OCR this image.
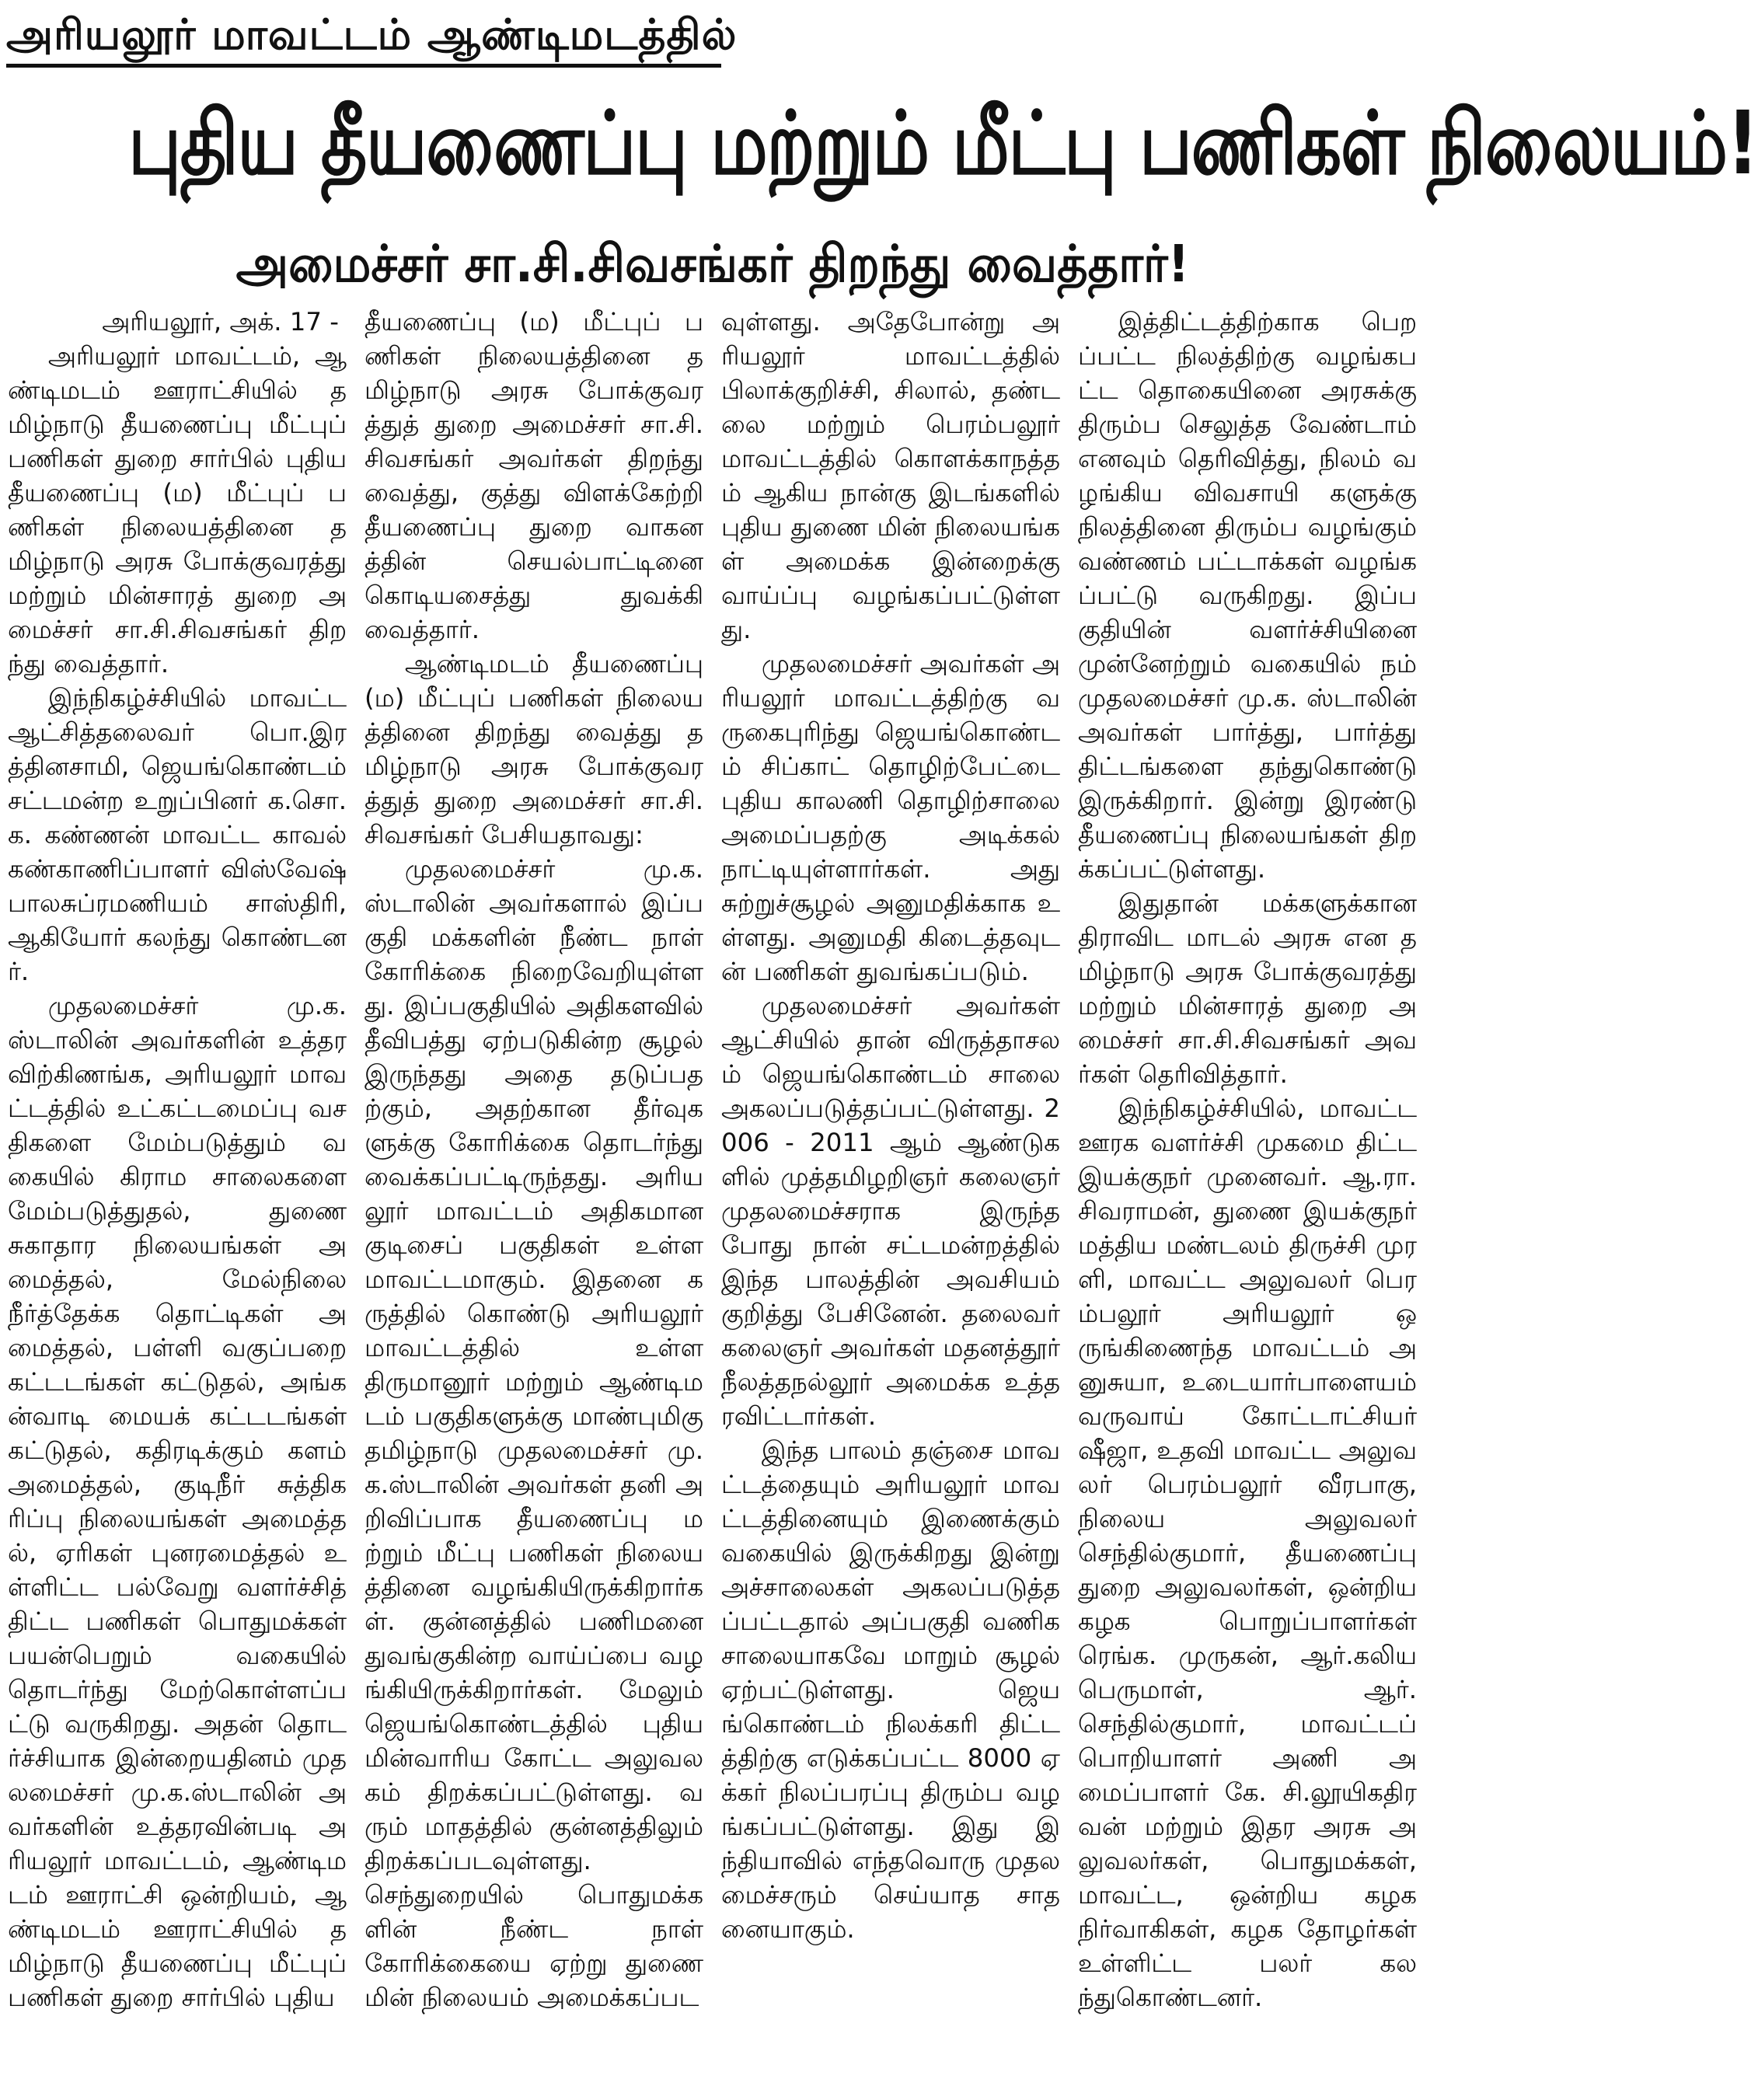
அரியலூர் மாவட்டம் ஆண்டிமடத்தில்
புதிய தீயணைப்பு மற்றும் மீட்பு பணிகள் நிலையம்!
அமைச்சர் சா.சி.சிவசங்கர் திறந்து வைத்தார்!

அரியலூர், அக். 17 -

அரியலூர் மாவட்டம், ஆண்டிமடம் ஊராட்சியில் தமிழ்நாடு தீயணைப்பு மீட்புப் பணிகள் துறை சார்பில் புதிய தீயணைப்பு (ம) மீட்புப் பணிகள் நிலையத்தினை தமிழ்நாடு அரசு போக்குவரத்து மற்றும் மின்சாரத் துறை அமைச்சர் சா.சி.சிவசங்கர் திறந்து வைத்தார்.

இந்நிகழ்ச்சியில் மாவட்ட ஆட்சித்தலைவர் பொ.இரத்தினசாமி, ஜெயங்கொண்டம் சட்டமன்ற உறுப்பினர் க.சொ.க. கண்ணன் மாவட்ட காவல் கண்காணிப்பாளர் விஸ்வேஷ் பாலசுப்ரமணியம் சாஸ்திரி, ஆகியோர் கலந்து கொண்டனர்.

முதலமைச்சர் மு.க. ஸ்டாலின் அவர்களின் உத்தரவிற்கிணங்க, அரியலூர் மாவட்டத்தில் உட்கட்டமைப்பு வசதிகளை மேம்படுத்தும் வகையில் கிராம சாலைகளை மேம்படுத்துதல், துணை சுகாதார நிலையங்கள் அமைத்தல், மேல்நிலை நீர்த்தேக்க தொட்டிகள் அமைத்தல், பள்ளி வகுப்பறை கட்டடங்கள் கட்டுதல், அங்கன்வாடி மையக் கட்டடங்கள் கட்டுதல், கதிரடிக்கும் களம் அமைத்தல், குடிநீர் சுத்திகரிப்பு நிலையங்கள் அமைத்தல், ஏரிகள் புனரமைத்தல் உள்ளிட்ட பல்வேறு வளர்ச்சித் திட்ட பணிகள் பொதுமக்கள் பயன்பெறும் வகையில் தொடர்ந்து மேற்கொள்ளப்பட்டு வருகிறது. அதன் தொடர்ச்சியாக இன்றையதினம் முதலமைச்சர் மு.க.ஸ்டாலின் அவர்களின் உத்தரவின்படி அரியலூர் மாவட்டம், ஆண்டிமடம் ஊராட்சி ஒன்றியம், ஆண்டிமடம் ஊராட்சியில் தமிழ்நாடு தீயணைப்பு மீட்புப் பணிகள் துறை சார்பில் புதிய

தீயணைப்பு (ம) மீட்புப் பணிகள் நிலையத்தினை தமிழ்நாடு அரசு போக்குவரத்துத் துறை அமைச்சர் சா.சி.சிவசங்கர் அவர்கள் திறந்து வைத்து, குத்து விளக்கேற்றி தீயணைப்பு துறை வாகனத்தின் செயல்பாட்டினை கொடியசைத்து துவக்கி வைத்தார்.

ஆண்டிமடம் தீயணைப்பு (ம) மீட்புப் பணிகள் நிலையத்தினை திறந்து வைத்து தமிழ்நாடு அரசு போக்குவரத்துத் துறை அமைச்சர் சா.சி.சிவசங்கர் பேசியதாவது:

முதலமைச்சர் மு.க.ஸ்டாலின் அவர்களால் இப்பகுதி மக்களின் நீண்ட நாள் கோரிக்கை நிறைவேறியுள்ளது. இப்பகுதியில் அதிகளவில் தீவிபத்து ஏற்படுகின்ற சூழல் இருந்தது அதை தடுப்பதற்கும், அதற்கான தீர்வுகளுக்கு கோரிக்கை தொடர்ந்து வைக்கப்பட்டிருந்தது. அரியலூர் மாவட்டம் அதிகமான குடிசைப் பகுதிகள் உள்ள மாவட்டமாகும். இதனை கருத்தில் கொண்டு அரியலூர் மாவட்டத்தில் உள்ள திருமானூர் மற்றும் ஆண்டிமடம் பகுதிகளுக்கு மாண்புமிகு தமிழ்நாடு முதலமைச்சர் மு.க.ஸ்டாலின் அவர்கள் தனி அறிவிப்பாக தீயணைப்பு மற்றும் மீட்பு பணிகள் நிலையத்தினை வழங்கியிருக்கிறார்கள். குன்னத்தில் பணிமனை துவங்குகின்ற வாய்ப்பை வழங்கியிருக்கிறார்கள். மேலும் ஜெயங்கொண்டத்தில் புதிய மின்வாரிய கோட்ட அலுவலகம் திறக்கப்பட்டுள்ளது. வரும் மாதத்தில் குன்னத்திலும் திறக்கப்படவுள்ளது. செந்துறையில் பொதுமக்களின் நீண்ட நாள் கோரிக்கையை ஏற்று துணை மின் நிலையம் அமைக்கப்பட

வுள்ளது. அதேபோன்று அரியலூர் மாவட்டத்தில் பிலாக்குறிச்சி, சிலால், தண்டலை மற்றும் பெரம்பலூர் மாவட்டத்தில் கொளக்காநத்தம் ஆகிய நான்கு இடங்களில் புதிய துணை மின் நிலையங்கள் அமைக்க இன்றைக்கு வாய்ப்பு வழங்கப்பட்டுள்ளது.

முதலமைச்சர் அவர்கள் அரியலூர் மாவட்டத்திற்கு வருகைபுரிந்து ஜெயங்கொண்டம் சிப்காட் தொழிற்பேட்டை புதிய காலணி தொழிற்சாலை அமைப்பதற்கு அடிக்கல் நாட்டியுள்ளார்கள். அது சுற்றுச்சூழல் அனுமதிக்காக உள்ளது. அனுமதி கிடைத்தவுடன் பணிகள் துவங்கப்படும்.

முதலமைச்சர் அவர்கள் ஆட்சியில் தான் விருத்தாசலம் ஜெயங்கொண்டம் சாலை அகலப்படுத்தப்பட்டுள்ளது. 2006 - 2011 ஆம் ஆண்டுகளில் முத்தமிழறிஞர் கலைஞர் முதலமைச்சராக இருந்தபோது நான் சட்டமன்றத்தில் இந்த பாலத்தின் அவசியம் குறித்து பேசினேன். தலைவர் கலைஞர் அவர்கள் மதனத்தூர் நீலத்தநல்லூர் அமைக்க உத்தரவிட்டார்கள்.

இந்த பாலம் தஞ்சை மாவட்டத்தையும் அரியலூர் மாவட்டத்தினையும் இணைக்கும் வகையில் இருக்கிறது இன்று அச்சாலைகள் அகலப்படுத்தப்பட்டதால் அப்பகுதி வணிக சாலையாகவே மாறும் சூழல் ஏற்பட்டுள்ளது. ஜெயங்கொண்டம் நிலக்கரி திட்டத்திற்கு எடுக்கப்பட்ட 8000 ஏக்கர் நிலப்பரப்பு திரும்ப வழங்கப்பட்டுள்ளது. இது இந்தியாவில் எந்தவொரு முதலமைச்சரும் செய்யாத சாதனையாகும்.

இத்திட்டத்திற்காக பெறப்பட்ட நிலத்திற்கு வழங்கபட்ட தொகையினை அரசுக்கு திரும்ப செலுத்த வேண்டாம் எனவும் தெரிவித்து, நிலம் வழங்கிய விவசாயி களுக்கு நிலத்தினை திரும்ப வழங்கும் வண்ணம் பட்டாக்கள் வழங்கப்பட்டு வருகிறது. இப்பகுதியின் வளர்ச்சியினை முன்னேற்றும் வகையில் நம் முதலமைச்சர் மு.க. ஸ்டாலின் அவர்கள் பார்த்து, பார்த்து திட்டங்களை தந்துகொண்டு இருக்கிறார். இன்று இரண்டு தீயணைப்பு நிலையங்கள் திறக்கப்பட்டுள்ளது.

இதுதான் மக்களுக்கான திராவிட மாடல் அரசு என தமிழ்நாடு அரசு போக்குவரத்து மற்றும் மின்சாரத் துறை அமைச்சர் சா.சி.சிவசங்கர் அவர்கள் தெரிவித்தார்.

இந்நிகழ்ச்சியில், மாவட்ட ஊரக வளர்ச்சி முகமை திட்ட இயக்குநர் முனைவர். ஆ.ரா.சிவராமன், துணை இயக்குநர் மத்திய மண்டலம் திருச்சி முரளி, மாவட்ட அலுவலர் பெரம்பலூர் அரியலூர் ஒருங்கிணைந்த மாவட்டம் அனுசுயா, உடையார்பாளையம் வருவாய் கோட்டாட்சியர் ஷீஜா, உதவி மாவட்ட அலுவலர் பெரம்பலூர் வீரபாகு, நிலைய அலுவலர் செந்தில்குமார், தீயணைப்பு துறை அலுவலர்கள், ஒன்றிய கழக பொறுப்பாளர்கள் ரெங்க. முருகன், ஆர்.கலியபெருமாள், ஆர்.செந்தில்குமார், மாவட்டப் பொறியாளர் அணி அமைப்பாளர் கே. சி.லூயிகதிரவன் மற்றும் இதர அரசு அலுவலர்கள், பொதுமக்கள், மாவட்ட, ஒன்றிய கழக நிர்வாகிகள், கழக தோழர்கள் உள்ளிட்ட பலர் கலந்துகொண்டனர்.
